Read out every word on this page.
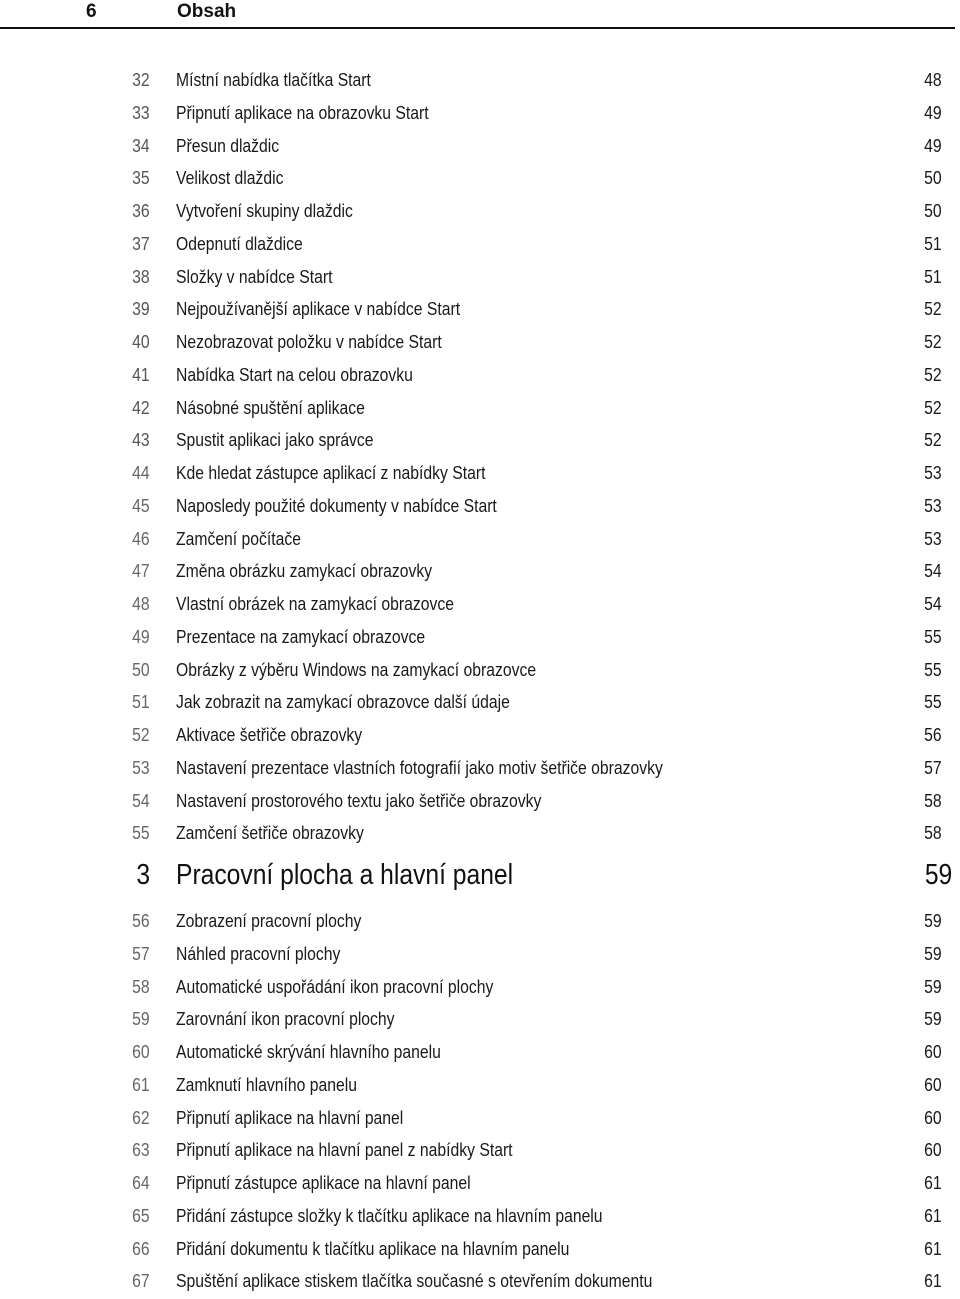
6	Obsah
32 Místní nabídka tlačítka Start	48
33 Připnutí aplikace na obrazovku Start	49
34 Přesun dlaždic	49
35 Velikost dlaždic	50
36 Vytvoření skupiny dlaždic	50
37 Odepnutí dlaždice	51
38 Složky v nabídce Start	51
39 Nejpoužívanější aplikace v nabídce Start	52
40 Nezobrazovat položku v nabídce Start	52
41 Nabídka Start na celou obrazovku	52
42 Násobné spuštění aplikace	52
43 Spustit aplikaci jako správce	52
44 Kde hledat zástupce aplikací z nabídky Start	53
45 Naposledy použité dokumenty v nabídce Start	53
46 Zamčení počítače	53
47 Změna obrázku zamykací obrazovky	54
48 Vlastní obrázek na zamykací obrazovce	54
49 Prezentace na zamykací obrazovce	55
50 Obrázky z výběru Windows na zamykací obrazovce	55
51 Jak zobrazit na zamykací obrazovce další údaje	55
52 Aktivace šetřiče obrazovky	56
53 Nastavení prezentace vlastních fotografií jako motiv šetřiče obrazovky	57
54 Nastavení prostorového textu jako šetřiče obrazovky	58
55 Zamčení šetřiče obrazovky	58
3 Pracovní plocha a hlavní panel	59
56 Zobrazení pracovní plochy	59
57 Náhled pracovní plochy	59
58 Automatické uspořádání ikon pracovní plochy	59
59 Zarovnání ikon pracovní plochy	59
60 Automatické skrývání hlavního panelu	60
61 Zamknutí hlavního panelu	60
62 Připnutí aplikace na hlavní panel	60
63 Připnutí aplikace na hlavní panel z nabídky Start	60
64 Připnutí zástupce aplikace na hlavní panel	61
65 Přidání zástupce složky k tlačítku aplikace na hlavním panelu	61
66 Přidání dokumentu k tlačítku aplikace na hlavním panelu	61
67 Spuštění aplikace stiskem tlačítka současné s otevřením dokumentu	61
